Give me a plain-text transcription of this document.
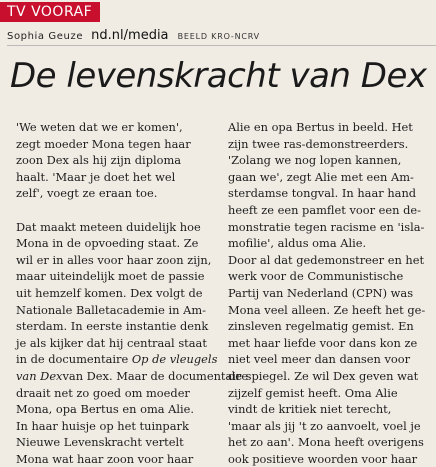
TV VOORAF
Sophia Geuze nd.nl/media BEELD KRO-NCRV
De levenskracht van Dex

'We weten dat we er komen',
zegt moeder Mona tegen haar
zoon Dex als hij zijn diploma
haalt. 'Maar je doet het wel
zelf', voegt ze eraan toe.

Dat maakt meteen duidelijk hoe
Mona in de opvoeding staat. Ze
wil er in alles voor haar zoon zijn,
maar uiteindelijk moet de passie
uit hemzelf komen. Dex volgt de
Nationale Balletacademie in Am-
sterdam. In eerste instantie denk
je als kijker dat hij centraal staat
in de documentaire Op de vleugels
van Dexvan Dex. Maar de documentaire
draait net zo goed om moeder
Mona, opa Bertus en oma Alie.
In haar huisje op het tuinpark
Nieuwe Levenskracht vertelt
Mona wat haar zoon voor haar

Alie en opa Bertus in beeld. Het
zijn twee ras-demonstreerders.
'Zolang we nog lopen kannen,
gaan we', zegt Alie met een Am-
sterdamse tongval. In haar hand
heeft ze een pamflet voor een de-
monstratie tegen racisme en 'isla-
mofilie', aldus oma Alie.

Door al dat gedemonstreer en het
werk voor de Communistische
Partij van Nederland (CPN) was
Mona veel alleen. Ze heeft het ge-
zinsleven regelmatig gemist. En
met haar liefde voor dans kon ze
niet veel meer dan dansen voor
de spiegel. Ze wil Dex geven wat
zijzelf gemist heeft. Oma Alie
vindt de kritiek niet terecht,
'maar als jij 't zo aanvoelt, voel je
het zo aan'. Mona heeft overigens
ook positieve woorden voor haar
